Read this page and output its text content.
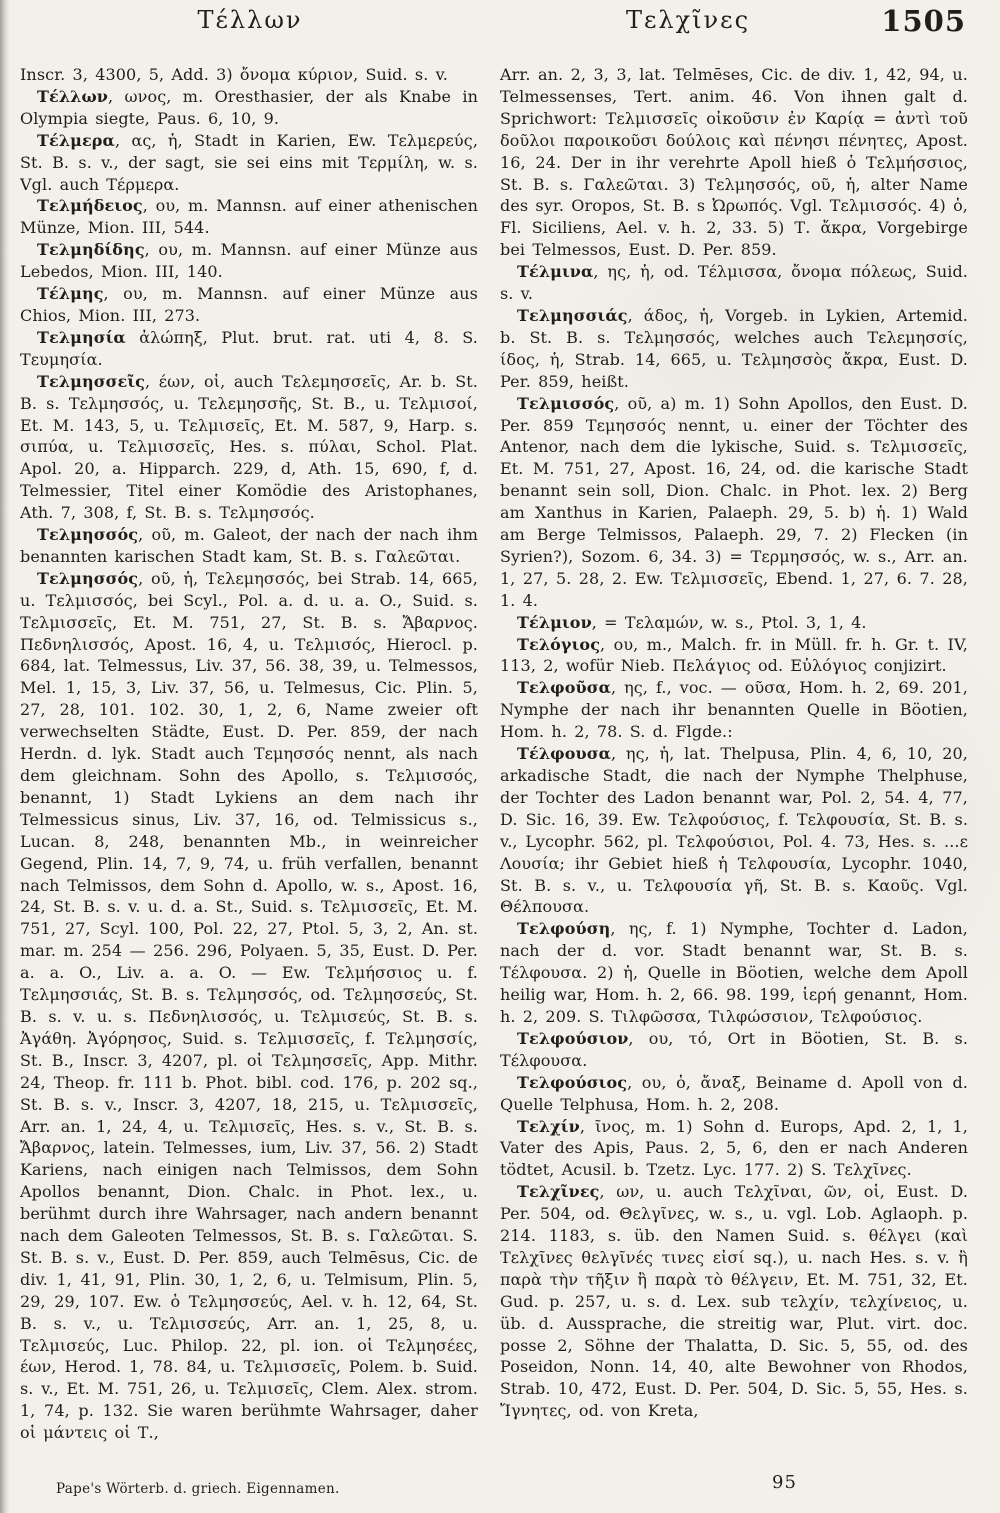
Τέλλων	Τελχῖνες	1505

Inscr. 3, 4300, 5, Add. 3) ὄνομα κύριον, Suid. s. v.

Τέλλων, ωνος, m. Oresthasier, der als Knabe in Olympia siegte, Paus. 6, 10, 9.

Τέλμερα, ας, ἡ, Stadt in Karien, Ew. Τελμερεύς, St. B. s. v., der sagt, sie sei eins mit Τερμίλη, w. s. Vgl. auch Τέρμερα.

Τελμήδειος, ου, m. Mannsn. auf einer athenischen Münze, Mion. III, 544.

Τελμηδίδης, ου, m. Mannsn. auf einer Münze aus Lebedos, Mion. III, 140.

Τέλμης, ου, m. Mannsn. auf einer Münze aus Chios, Mion. III, 273.

Τελμησία ἀλώπηξ, Plut. brut. rat. uti 4, 8. S. Τευμησία.

Τελμησσεῖς, έων, οἱ, auch Τελεμησσεῖς, Ar. b. St. B. s. Τελμησσός, u. Τελεμησσῆς, St. B., u. Τελμισοί, Et. M. 143, 5, u. Τελμισεῖς, Et. M. 587, 9, Harp. s. σιπύα, u. Τελμισσεῖς, Hes. s. πύλαι, Schol. Plat. Apol. 20, a. Hipparch. 229, d, Ath. 15, 690, f, d. Telmessier, Titel einer Komödie des Aristophanes, Ath. 7, 308, f, St. B. s. Τελμησσός.

Τελμησσός, οῦ, m. Galeot, der nach der nach ihm benannten karischen Stadt kam, St. B. s. Γαλεῶται.

Τελμησσός, οῦ, ἡ, Τελεμησσός, bei Strab. 14, 665, u. Τελμισσός, bei Scyl., Pol. a. d. u. a. O., Suid. s. Τελμισσεῖς, Et. M. 751, 27, St. B. s. Ἄβαρνος. Πεδνηλισσός, Apost. 16, 4, u. Τελμισός, Hierocl. p. 684, lat. Telmessus, Liv. 37, 56. 38, 39, u. Telmessos, Mel. 1, 15, 3, Liv. 37, 56, u. Telmesus, Cic. Plin. 5, 27, 28, 101. 102. 30, 1, 2, 6, Name zweier oft verwechselten Städte, Eust. D. Per. 859, der nach Herdn. d. lyk. Stadt auch Τεμησσός nennt, als nach dem gleichnam. Sohn des Apollo, s. Τελμισσός, benannt, 1) Stadt Lykiens an dem nach ihr Telmessicus sinus, Liv. 37, 16, od. Telmissicus s., Lucan. 8, 248, benannten Mb., in weinreicher Gegend, Plin. 14, 7, 9, 74, u. früh verfallen, benannt nach Telmissos, dem Sohn d. Apollo, w. s., Apost. 16, 24, St. B. s. v. u. d. a. St., Suid. s. Τελμισσεῖς, Et. M. 751, 27, Scyl. 100, Pol. 22, 27, Ptol. 5, 3, 2, An. st. mar. m. 254 — 256. 296, Polyaen. 5, 35, Eust. D. Per. a. a. O., Liv. a. a. O. — Ew. Τελμήσσιος u. f. Τελμησσιάς, St. B. s. Τελμησσός, od. Τελμησσεύς, St. B. s. v. u. s. Πεδνηλισσός, u. Τελμισεύς, St. B. s. Ἀγάθη. Ἀγόρησος, Suid. s. Τελμισσεῖς, f. Τελμησσίς, St. B., Inscr. 3, 4207, pl. οἱ Τελμησσεῖς, App. Mithr. 24, Theop. fr. 111 b. Phot. bibl. cod. 176, p. 202 sq., St. B. s. v., Inscr. 3, 4207, 18, 215, u. Τελμισσεῖς, Arr. an. 1, 24, 4, u. Τελμισεῖς, Hes. s. v., St. B. s. Ἄβαρνος, latein. Telmesses, ium, Liv. 37, 56. 2) Stadt Kariens, nach einigen nach Telmissos, dem Sohn Apollos benannt, Dion. Chalc. in Phot. lex., u. berühmt durch ihre Wahrsager, nach andern benannt nach dem Galeoten Telmessos, St. B. s. Γαλεῶται. S. St. B. s. v., Eust. D. Per. 859, auch Telmēsus, Cic. de div. 1, 41, 91, Plin. 30, 1, 2, 6, u. Telmisum, Plin. 5, 29, 29, 107. Ew. ὁ Τελμησσεύς, Ael. v. h. 12, 64, St. B. s. v., u. Τελμισσεύς, Arr. an. 1, 25, 8, u. Τελμισεύς, Luc. Philop. 22, pl. ion. οἱ Τελμησέες, έων, Herod. 1, 78. 84, u. Τελμισσεῖς, Polem. b. Suid. s. v., Et. M. 751, 26, u. Τελμισεῖς, Clem. Alex. strom. 1, 74, p. 132. Sie waren berühmte Wahrsager, daher οἱ μάντεις οἱ Τ.,

Arr. an. 2, 3, 3, lat. Telmēses, Cic. de div. 1, 42, 94, u. Telmessenses, Tert. anim. 46. Von ihnen galt d. Sprichwort: Τελμισσεῖς οἰκοῦσιν ἐν Καρίᾳ = ἀντὶ τοῦ δοῦλοι παροικοῦσι δούλοις καὶ πένησι πένητες, Apost. 16, 24. Der in ihr verehrte Apoll hieß ὁ Τελμήσσιος, St. B. s. Γαλεῶται. 3) Τελμησσός, οῦ, ἡ, alter Name des syr. Oropos, St. B. s Ὠρωπός. Vgl. Τελμισσός. 4) ὁ, Fl. Siciliens, Ael. v. h. 2, 33. 5) Τ. ἄκρα, Vorgebirge bei Telmessos, Eust. D. Per. 859.

Τέλμινα, ης, ἡ, od. Τέλμισσα, ὄνομα πόλεως, Suid. s. v.

Τελμησσιάς, άδος, ἡ, Vorgeb. in Lykien, Artemid. b. St. B. s. Τελμησσός, welches auch Τελεμησσίς, ίδος, ἡ, Strab. 14, 665, u. Τελμησσὸς ἄκρα, Eust. D. Per. 859, heißt.

Τελμισσός, οῦ, a) m. 1) Sohn Apollos, den Eust. D. Per. 859 Τεμησσός nennt, u. einer der Töchter des Antenor, nach dem die lykische, Suid. s. Τελμισσεῖς, Et. M. 751, 27, Apost. 16, 24, od. die karische Stadt benannt sein soll, Dion. Chalc. in Phot. lex. 2) Berg am Xanthus in Karien, Palaeph. 29, 5. b) ἡ. 1) Wald am Berge Telmissos, Palaeph. 29, 7. 2) Flecken (in Syrien?), Sozom. 6, 34. 3) = Τερμησσός, w. s., Arr. an. 1, 27, 5. 28, 2. Ew. Τελμισσεῖς, Ebend. 1, 27, 6. 7. 28, 1. 4.

Τέλμιον, = Τελαμών, w. s., Ptol. 3, 1, 4.

Τελόγιος, ου, m., Malch. fr. in Müll. fr. h. Gr. t. IV, 113, 2, wofür Nieb. Πελάγιος od. Εὐλόγιος conjizirt.

Τελφοῦσα, ης, f., voc. — οῦσα, Hom. h. 2, 69. 201, Nymphe der nach ihr benannten Quelle in Böotien, Hom. h. 2, 78. S. d. Flgde.:

Τέλφουσα, ης, ἡ, lat. Thelpusa, Plin. 4, 6, 10, 20, arkadische Stadt, die nach der Nymphe Thelphuse, der Tochter des Ladon benannt war, Pol. 2, 54. 4, 77, D. Sic. 16, 39. Ew. Τελφούσιος, f. Τελφουσία, St. B. s. v., Lycophr. 562, pl. Τελφούσιοι, Pol. 4. 73, Hes. s. ...ε Λουσία; ihr Gebiet hieß ἡ Τελφουσία, Lycophr. 1040, St. B. s. v., u. Τελφουσία γῆ, St. B. s. Καοῦς. Vgl. Θέλπουσα.

Τελφούση, ης, f. 1) Nymphe, Tochter d. Ladon, nach der d. vor. Stadt benannt war, St. B. s. Τέλφουσα. 2) ἡ, Quelle in Böotien, welche dem Apoll heilig war, Hom. h. 2, 66. 98. 199, ἱερή genannt, Hom. h. 2, 209. S. Τιλφῶσσα, Τιλφώσσιον, Τελφούσιος.

Τελφούσιον, ου, τό, Ort in Böotien, St. B. s. Τέλφουσα.

Τελφούσιος, ου, ὁ, ἄναξ, Beiname d. Apoll von d. Quelle Telphusa, Hom. h. 2, 208.

Τελχίν, ῖνος, m. 1) Sohn d. Europs, Apd. 2, 1, 1, Vater des Apis, Paus. 2, 5, 6, den er nach Anderen tödtet, Acusil. b. Tzetz. Lyc. 177. 2) S. Τελχῖνες.

Τελχῖνες, ων, u. auch Τελχῖναι, ῶν, οἱ, Eust. D. Per. 504, od. Θελγῖνες, w. s., u. vgl. Lob. Aglaoph. p. 214. 1183, s. üb. den Namen Suid. s. θέλγει (καὶ Τελχῖνες θελγῖνές τινες εἰσί sq.), u. nach Hes. s. v. ἢ παρὰ τὴν τῆξιν ἢ παρὰ τὸ θέλγειν, Et. M. 751, 32, Et. Gud. p. 257, u. s. d. Lex. sub τελχίν, τελχίνειος, u. üb. d. Aussprache, die streitig war, Plut. virt. doc. posse 2, Söhne der Thalatta, D. Sic. 5, 55, od. des Poseidon, Nonn. 14, 40, alte Bewohner von Rhodos, Strab. 10, 472, Eust. D. Per. 504, D. Sic. 5, 55, Hes. s. Ἴγνητες, od. von Kreta,

Pape's Wörterb. d. griech. Eigennamen.	95
